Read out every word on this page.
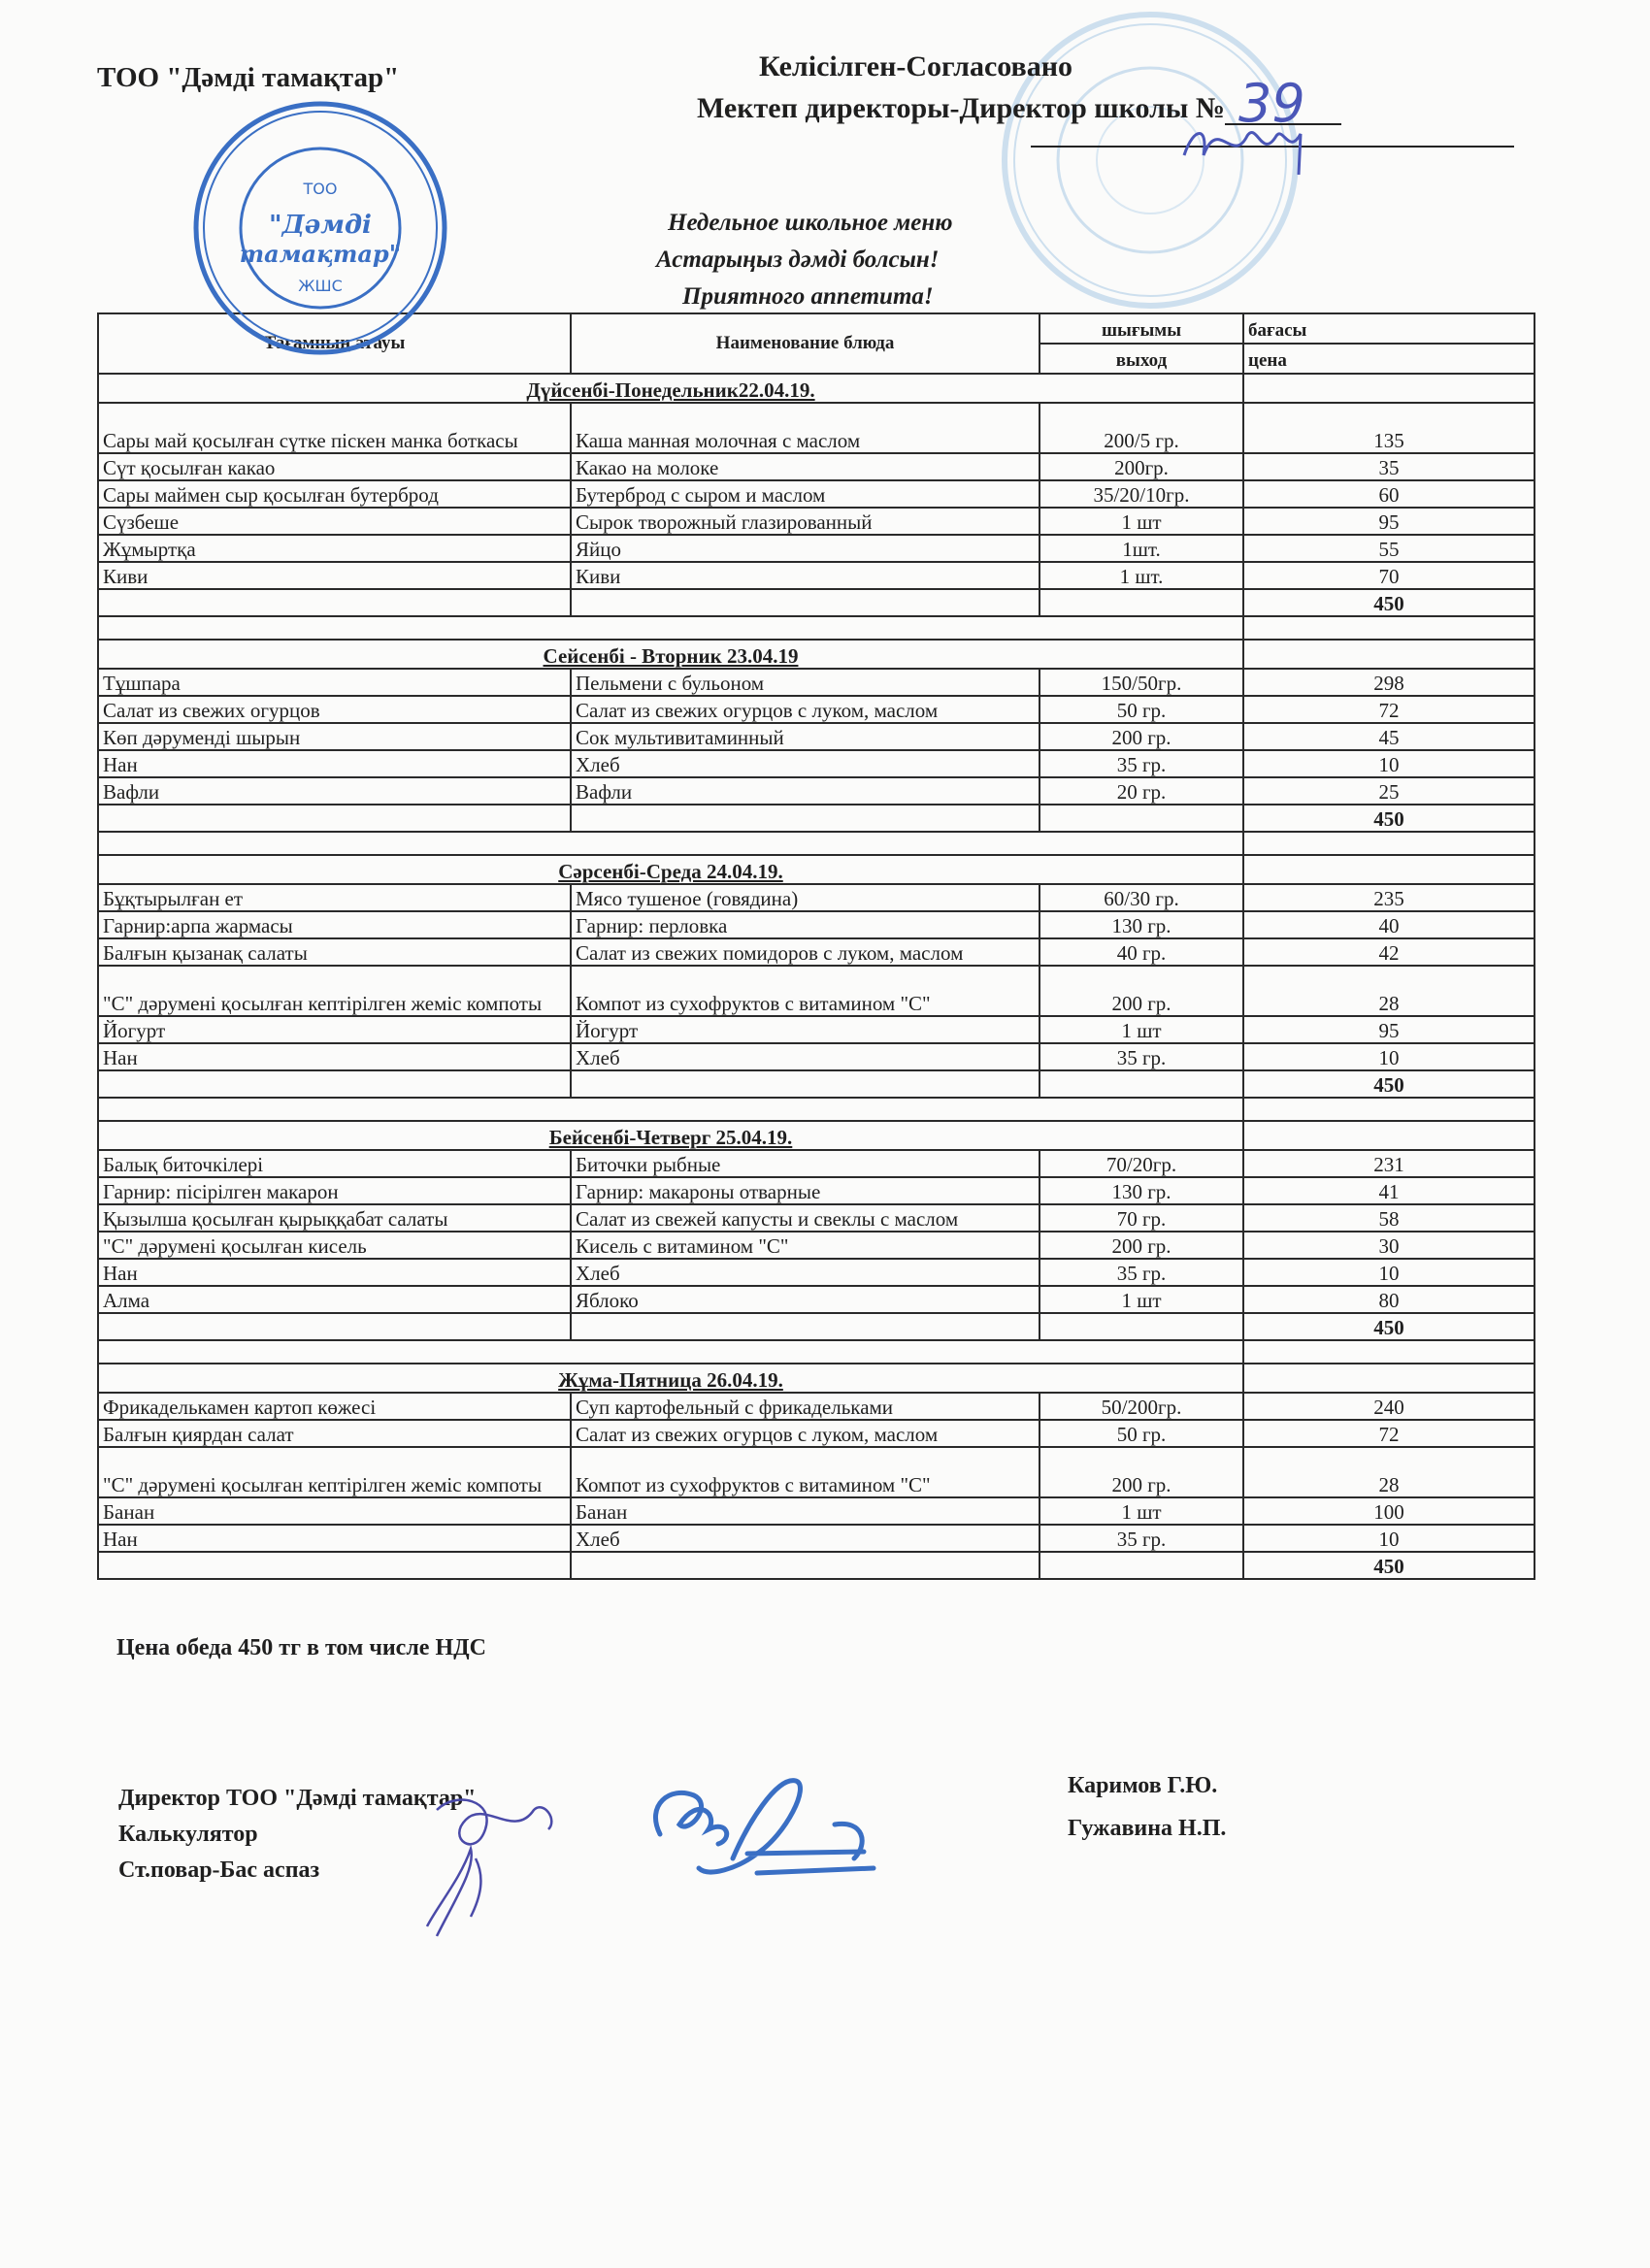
ТОО "Дәмді тамақтар"	Келісілген-Согласовано
Мектеп директоры-Директор школы № 39
Недельное школьное меню
Астарыңыз дәмді болсын!
Приятного аппетита!
Тағамның атауы	Наименование блюда	шығымы	бағасы
		выход	цена
Дүйсенбі-Понедельник22.04.19.			
Сары май қосылған сүтке піскен манка боткасы	Каша манная молочная с маслом	200/5 гр.	135
Сүт қосылған какао	Какао на молоке	200гр.	35
Сары маймен сыр қосылған бутерброд	Бутерброд с сыром и маслом	35/20/10гр.	60
Сүзбеше	Сырок творожный глазированный	1 шт	95
Жұмыртқа	Яйцо	1шт.	55
Киви	Киви	1 шт.	70
			450

Сейсенбі - Вторник 23.04.19			
Тұшпара	Пельмени с бульоном	150/50гр.	298
Салат из свежих огурцов	Салат из свежих огурцов с луком, маслом	50 гр.	72
Көп дәруменді шырын	Сок мультивитаминный	200 гр.	45
Нан	Хлеб	35 гр.	10
Вафли	Вафли	20 гр.	25
			450

Сәрсенбі-Среда 24.04.19.			
Бұқтырылған ет	Мясо тушеное (говядина)	60/30 гр.	235
Гарнир:арпа жармасы	Гарнир: перловка	130 гр.	40
Балғын қызанақ салаты	Салат из свежих помидоров с луком, маслом	40 гр.	42
"С" дәрумені қосылған кептірілген жеміс компоты	Компот из сухофруктов с витамином "С"	200 гр.	28
Йогурт	Йогурт	1 шт	95
Нан	Хлеб	35 гр.	10
			450

Бейсенбі-Четверг 25.04.19.			
Балық биточкілері	Биточки рыбные	70/20гр.	231
Гарнир: пісірілген макарон	Гарнир: макароны отварные	130 гр.	41
Қызылша қосылған қырыққабат салаты	Салат из свежей капусты и свеклы с маслом	70 гр.	58
"С" дәрумені қосылған кисель	Кисель с витамином "С"	200 гр.	30
Нан	Хлеб	35 гр.	10
Алма	Яблоко	1 шт	80
			450

Жұма-Пятница 26.04.19.			
Фрикаделькамен картоп көжесі	Суп картофельный с фрикадельками	50/200гр.	240
Балғын қиярдан салат	Салат из свежих огурцов с луком, маслом	50 гр.	72
"С" дәрумені қосылған кептірілген жеміс компоты	Компот из сухофруктов с витамином "С"	200 гр.	28
Банан	Банан	1 шт	100
Нан	Хлеб	35 гр.	10
			450
ТОО
"Дәмді
тамақтар"
ЖШС
Цена обеда 450 тг в том числе НДС
Директор ТОО "Дәмді тамақтар"
Калькулятор
Ст.повар-Бас аспаз
Каримов Г.Ю.
Гужавина Н.П.
